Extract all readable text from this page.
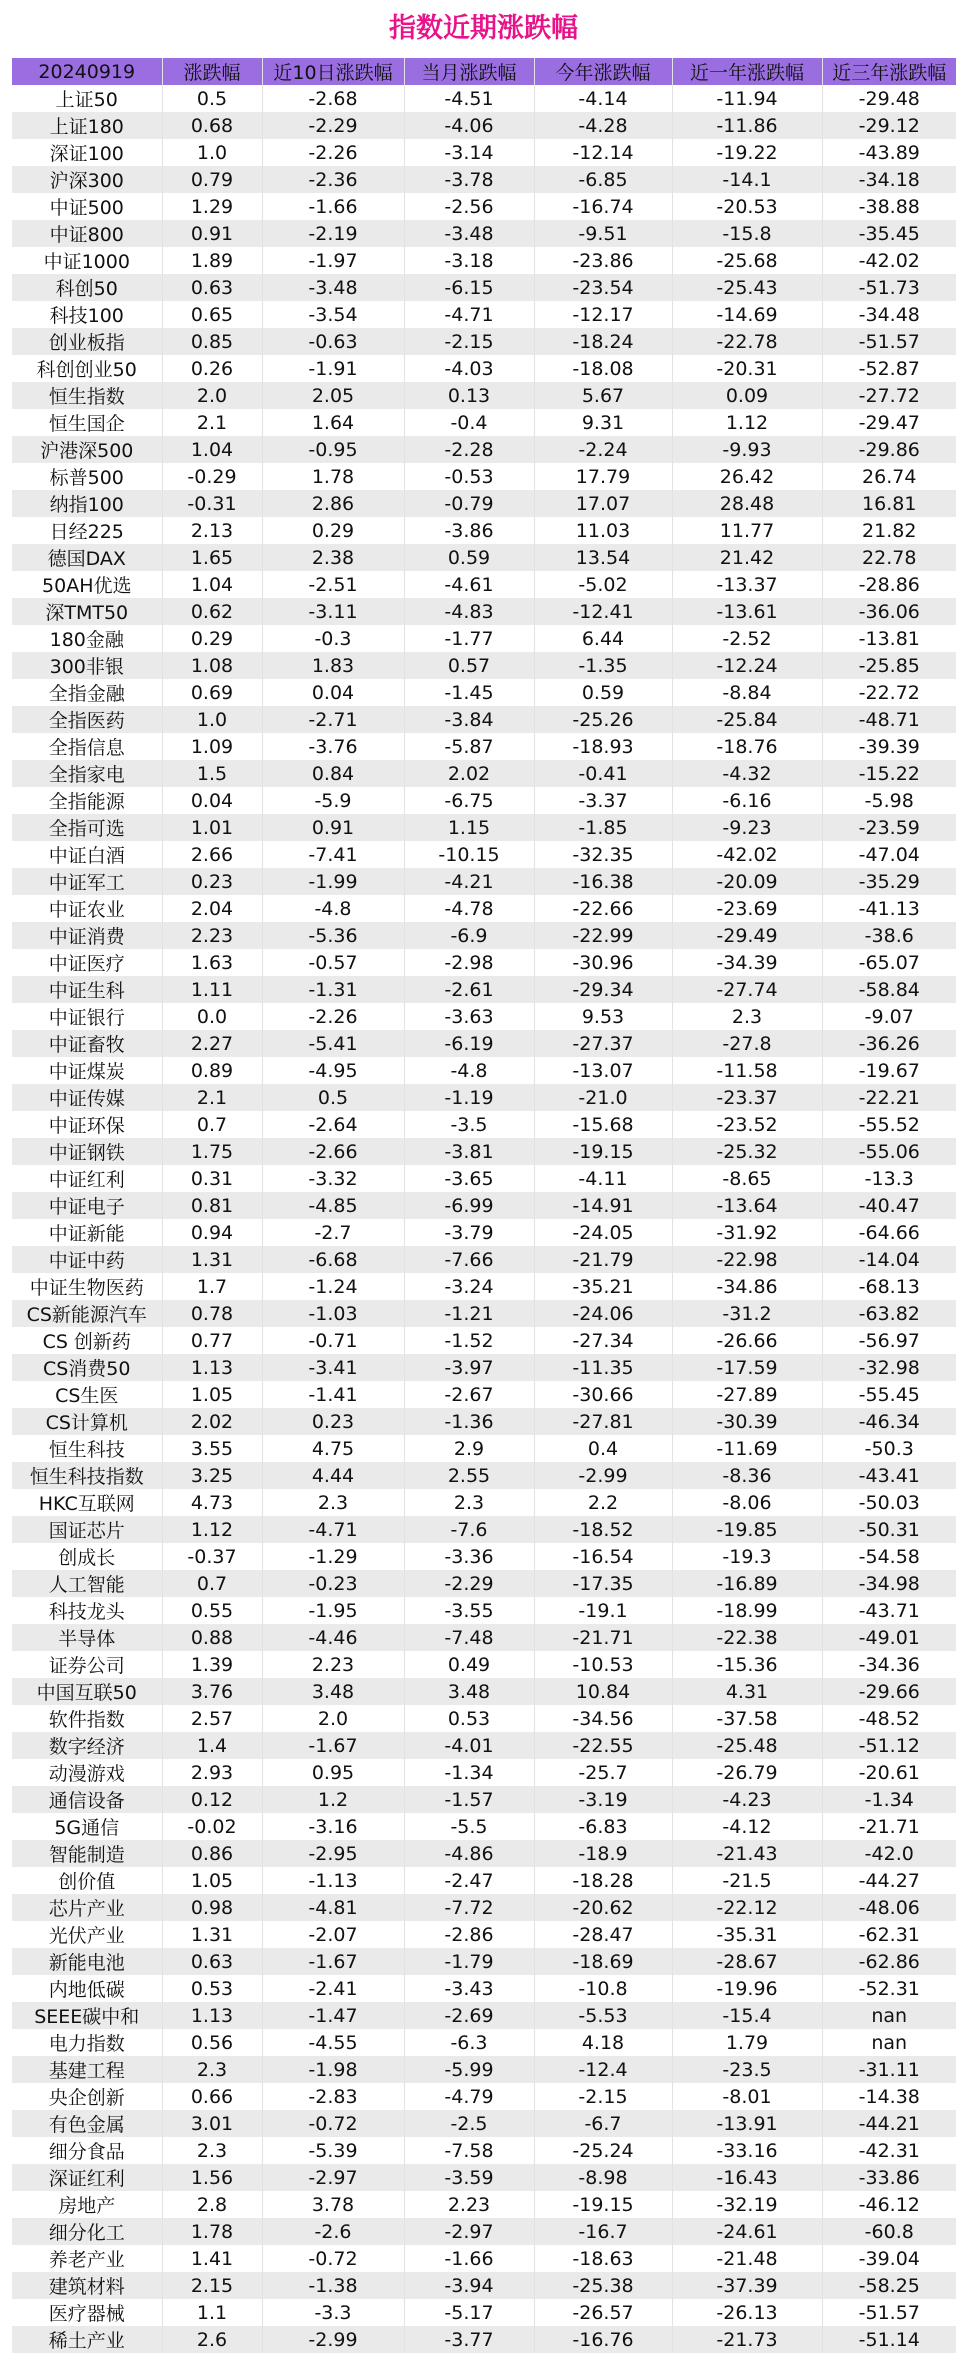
指数近期涨跌幅
20240919	涨跌幅	近10日涨跌幅	当月涨跌幅	今年涨跌幅	近一年涨跌幅	近三年涨跌幅
上证50	0.5	-2.68	-4.51	-4.14	-11.94	-29.48
上证180	0.68	-2.29	-4.06	-4.28	-11.86	-29.12
深证100	1.0	-2.26	-3.14	-12.14	-19.22	-43.89
沪深300	0.79	-2.36	-3.78	-6.85	-14.1	-34.18
中证500	1.29	-1.66	-2.56	-16.74	-20.53	-38.88
中证800	0.91	-2.19	-3.48	-9.51	-15.8	-35.45
中证1000	1.89	-1.97	-3.18	-23.86	-25.68	-42.02
科创50	0.63	-3.48	-6.15	-23.54	-25.43	-51.73
科技100	0.65	-3.54	-4.71	-12.17	-14.69	-34.48
创业板指	0.85	-0.63	-2.15	-18.24	-22.78	-51.57
科创创业50	0.26	-1.91	-4.03	-18.08	-20.31	-52.87
恒生指数	2.0	2.05	0.13	5.67	0.09	-27.72
恒生国企	2.1	1.64	-0.4	9.31	1.12	-29.47
沪港深500	1.04	-0.95	-2.28	-2.24	-9.93	-29.86
标普500	-0.29	1.78	-0.53	17.79	26.42	26.74
纳指100	-0.31	2.86	-0.79	17.07	28.48	16.81
日经225	2.13	0.29	-3.86	11.03	11.77	21.82
德国DAX	1.65	2.38	0.59	13.54	21.42	22.78
50AH优选	1.04	-2.51	-4.61	-5.02	-13.37	-28.86
深TMT50	0.62	-3.11	-4.83	-12.41	-13.61	-36.06
180金融	0.29	-0.3	-1.77	6.44	-2.52	-13.81
300非银	1.08	1.83	0.57	-1.35	-12.24	-25.85
全指金融	0.69	0.04	-1.45	0.59	-8.84	-22.72
全指医药	1.0	-2.71	-3.84	-25.26	-25.84	-48.71
全指信息	1.09	-3.76	-5.87	-18.93	-18.76	-39.39
全指家电	1.5	0.84	2.02	-0.41	-4.32	-15.22
全指能源	0.04	-5.9	-6.75	-3.37	-6.16	-5.98
全指可选	1.01	0.91	1.15	-1.85	-9.23	-23.59
中证白酒	2.66	-7.41	-10.15	-32.35	-42.02	-47.04
中证军工	0.23	-1.99	-4.21	-16.38	-20.09	-35.29
中证农业	2.04	-4.8	-4.78	-22.66	-23.69	-41.13
中证消费	2.23	-5.36	-6.9	-22.99	-29.49	-38.6
中证医疗	1.63	-0.57	-2.98	-30.96	-34.39	-65.07
中证生科	1.11	-1.31	-2.61	-29.34	-27.74	-58.84
中证银行	0.0	-2.26	-3.63	9.53	2.3	-9.07
中证畜牧	2.27	-5.41	-6.19	-27.37	-27.8	-36.26
中证煤炭	0.89	-4.95	-4.8	-13.07	-11.58	-19.67
中证传媒	2.1	0.5	-1.19	-21.0	-23.37	-22.21
中证环保	0.7	-2.64	-3.5	-15.68	-23.52	-55.52
中证钢铁	1.75	-2.66	-3.81	-19.15	-25.32	-55.06
中证红利	0.31	-3.32	-3.65	-4.11	-8.65	-13.3
中证电子	0.81	-4.85	-6.99	-14.91	-13.64	-40.47
中证新能	0.94	-2.7	-3.79	-24.05	-31.92	-64.66
中证中药	1.31	-6.68	-7.66	-21.79	-22.98	-14.04
中证生物医药	1.7	-1.24	-3.24	-35.21	-34.86	-68.13
CS新能源汽车	0.78	-1.03	-1.21	-24.06	-31.2	-63.82
CS 创新药	0.77	-0.71	-1.52	-27.34	-26.66	-56.97
CS消费50	1.13	-3.41	-3.97	-11.35	-17.59	-32.98
CS生医	1.05	-1.41	-2.67	-30.66	-27.89	-55.45
CS计算机	2.02	0.23	-1.36	-27.81	-30.39	-46.34
恒生科技	3.55	4.75	2.9	0.4	-11.69	-50.3
恒生科技指数	3.25	4.44	2.55	-2.99	-8.36	-43.41
HKC互联网	4.73	2.3	2.3	2.2	-8.06	-50.03
国证芯片	1.12	-4.71	-7.6	-18.52	-19.85	-50.31
创成长	-0.37	-1.29	-3.36	-16.54	-19.3	-54.58
人工智能	0.7	-0.23	-2.29	-17.35	-16.89	-34.98
科技龙头	0.55	-1.95	-3.55	-19.1	-18.99	-43.71
半导体	0.88	-4.46	-7.48	-21.71	-22.38	-49.01
证券公司	1.39	2.23	0.49	-10.53	-15.36	-34.36
中国互联50	3.76	3.48	3.48	10.84	4.31	-29.66
软件指数	2.57	2.0	0.53	-34.56	-37.58	-48.52
数字经济	1.4	-1.67	-4.01	-22.55	-25.48	-51.12
动漫游戏	2.93	0.95	-1.34	-25.7	-26.79	-20.61
通信设备	0.12	1.2	-1.57	-3.19	-4.23	-1.34
5G通信	-0.02	-3.16	-5.5	-6.83	-4.12	-21.71
智能制造	0.86	-2.95	-4.86	-18.9	-21.43	-42.0
创价值	1.05	-1.13	-2.47	-18.28	-21.5	-44.27
芯片产业	0.98	-4.81	-7.72	-20.62	-22.12	-48.06
光伏产业	1.31	-2.07	-2.86	-28.47	-35.31	-62.31
新能电池	0.63	-1.67	-1.79	-18.69	-28.67	-62.86
内地低碳	0.53	-2.41	-3.43	-10.8	-19.96	-52.31
SEEE碳中和	1.13	-1.47	-2.69	-5.53	-15.4	nan
电力指数	0.56	-4.55	-6.3	4.18	1.79	nan
基建工程	2.3	-1.98	-5.99	-12.4	-23.5	-31.11
央企创新	0.66	-2.83	-4.79	-2.15	-8.01	-14.38
有色金属	3.01	-0.72	-2.5	-6.7	-13.91	-44.21
细分食品	2.3	-5.39	-7.58	-25.24	-33.16	-42.31
深证红利	1.56	-2.97	-3.59	-8.98	-16.43	-33.86
房地产	2.8	3.78	2.23	-19.15	-32.19	-46.12
细分化工	1.78	-2.6	-2.97	-16.7	-24.61	-60.8
养老产业	1.41	-0.72	-1.66	-18.63	-21.48	-39.04
建筑材料	2.15	-1.38	-3.94	-25.38	-37.39	-58.25
医疗器械	1.1	-3.3	-5.17	-26.57	-26.13	-51.57
稀土产业	2.6	-2.99	-3.77	-16.76	-21.73	-51.14
